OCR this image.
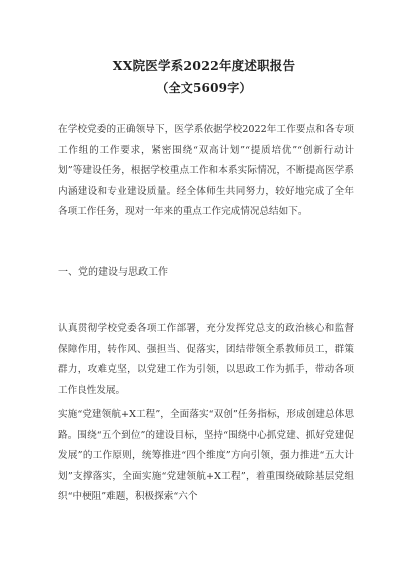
XX院医学系2022年度述职报告
（全文5609字）
在学校党委的正确领导下，医学系依据学校2022年工作要点和各专项工作组的工作要求，紧密围绕“双高计划”“提质培优”“创新行动计划”等建设任务，根据学校重点工作和本系实际情况，不断提高医学系内涵建设和专业建设质量。经全体师生共同努力，较好地完成了全年各项工作任务，现对一年来的重点工作完成情况总结如下。
一、党的建设与思政工作
认真贯彻学校党委各项工作部署，充分发挥党总支的政治核心和监督保障作用，转作风、强担当、促落实，团结带领全系教师员工，群策群力，攻难克坚，以党建工作为引领，以思政工作为抓手，带动各项工作良性发展。
实施“党建领航+X工程”，全面落实“双创”任务指标，形成创建总体思路。围绕“五个到位”的建设目标，坚持“围绕中心抓党建、抓好党建促发展”的工作原则，统筹推进“四个维度”方向引领，强力推进“五大计划”支撑落实，全面实施“党建领航+X工程”，着重围绕破除基层党组织“中梗阻”难题，积极探索“六个
